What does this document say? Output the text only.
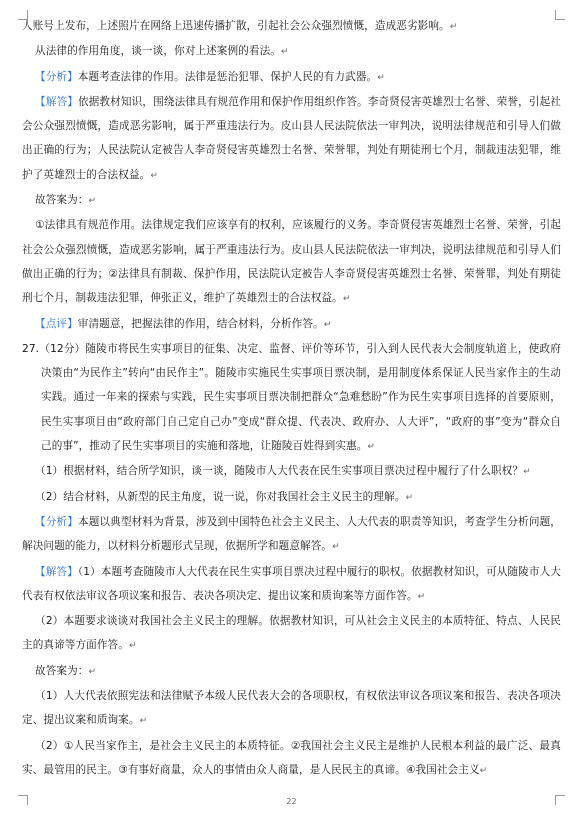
人账号上发布，上述照片在网络上迅速传播扩散，引起社会公众强烈愤慨，造成恶劣影响。↵

从法律的作用角度，谈一谈，你对上述案例的看法。↵

【分析】本题考查法律的作用。法律是惩治犯罪、保护人民的有力武器。↵

【解答】依据教材知识，围绕法律具有规范作用和保护作用组织作答。李奇贤侵害英雄烈士名誉、荣誉，引起社会公众强烈愤慨，造成恶劣影响，属于严重违法行为。皮山县人民法院依法一审判决，说明法律规范和引导人们做出正确的行为；人民法院认定被告人李奇贤侵害英雄烈士名誉、荣誉罪，判处有期徒刑七个月，制裁违法犯罪，维护了英雄烈士的合法权益。↵

故答案为：↵

①法律具有规范作用。法律规定我们应该享有的权利，应该履行的义务。李奇贤侵害英雄烈士名誉、荣誉，引起社会公众强烈愤慨，造成恶劣影响，属于严重违法行为。皮山县人民法院依法一审判决，说明法律规范和引导人们做出正确的行为；②法律具有制裁、保护作用，民法院认定被告人李奇贤侵害英雄烈士名誉、荣誉罪，判处有期徒刑七个月，制裁违法犯罪，伸张正义，维护了英雄烈士的合法权益。↵

【点评】审清题意，把握法律的作用，结合材料，分析作答。↵

27.（12分）随陵市将民生实事项目的征集、决定、监督、评价等环节，引入到人民代表大会制度轨道上，使政府决策由“为民作主”转向“由民作主”。随陵市实施民生实事项目票决制，是用制度体系保证人民当家作主的生动实践。通过一年来的探索与实践，民生实事项目票决制把群众“急难愁盼”作为民生实事项目选择的首要原则，民生实事项目由“政府部门自己定自己办”变成“群众提、代表决、政府办、人大评”，“政府的事”变为“群众自己的事”，推动了民生实事项目的实施和落地，让随陵百姓得到实惠。↵

（1）根据材料，结合所学知识，谈一谈，随陵市人大代表在民生实事项目票决过程中履行了什么职权？↵

（2）结合材料，从新型的民主角度，说一说，你对我国社会主义民主的理解。↵

【分析】本题以典型材料为背景，涉及到中国特色社会主义民主、人大代表的职责等知识，考查学生分析问题，解决问题的能力，以材料分析题形式呈现，依据所学和题意解答。↵

【解答】（1）本题考查随陵市人大代表在民生实事项目票决过程中履行的职权。依据教材知识，可从随陵市人大代表有权依法审议各项议案和报告、表决各项决定、提出议案和质询案等方面作答。↵

（2）本题要求谈谈对我国社会主义民主的理解。依据教材知识，可从社会主义民主的本质特征、特点、人民民主的真谛等方面作答。↵

故答案为：↵

（1）人大代表依照宪法和法律赋予本级人民代表大会的各项职权，有权依法审议各项议案和报告、表决各项决定、提出议案和质询案。↵

（2）①人民当家作主，是社会主义民主的本质特征。②我国社会主义民主是维护人民根本利益的最广泛、最真实、最管用的民主。③有事好商量，众人的事情由众人商量，是人民民主的真谛。④我国社会主义↵

22
